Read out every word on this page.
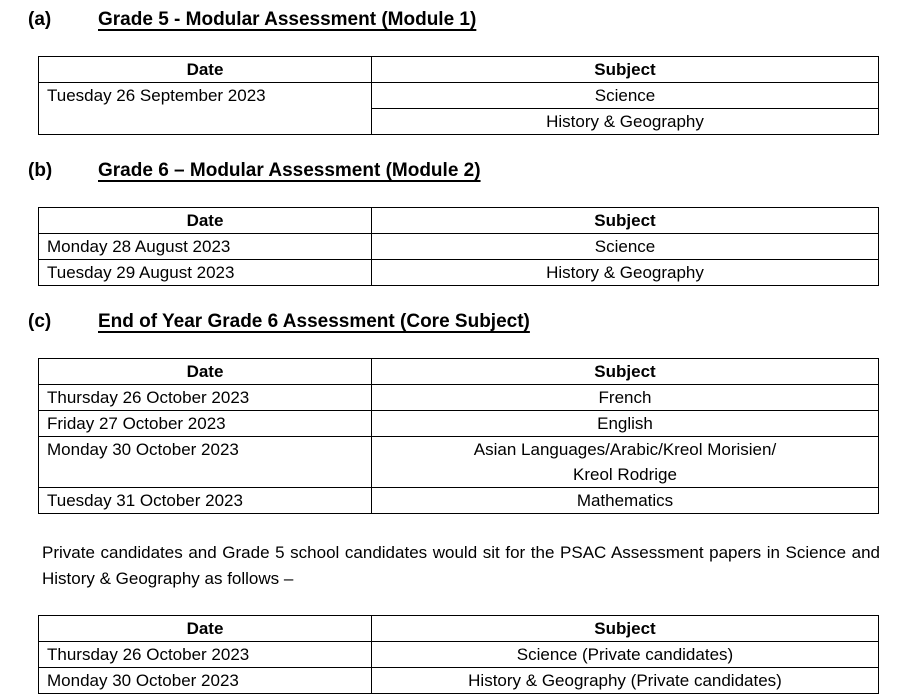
(a)	Grade 5 - Modular Assessment (Module 1)
Date	Subject
Tuesday 26 September 2023	Science
	History & Geography
(b)	Grade 6 – Modular Assessment (Module 2)
Date	Subject
Monday 28 August 2023	Science
Tuesday 29 August 2023	History & Geography
(c)	End of Year Grade 6 Assessment (Core Subject)
Date	Subject
Thursday 26 October 2023	French
Friday 27 October 2023	English
Monday 30 October 2023	Asian Languages/Arabic/Kreol Morisien/
Kreol Rodrige

Tuesday 31 October 2023	Mathematics

Private candidates and Grade 5 school candidates would sit for the PSAC Assessment papers in Science and History & Geography as follows –

Date	Subject
Thursday 26 October 2023	Science (Private candidates)
Monday 30 October 2023	History & Geography (Private candidates)
